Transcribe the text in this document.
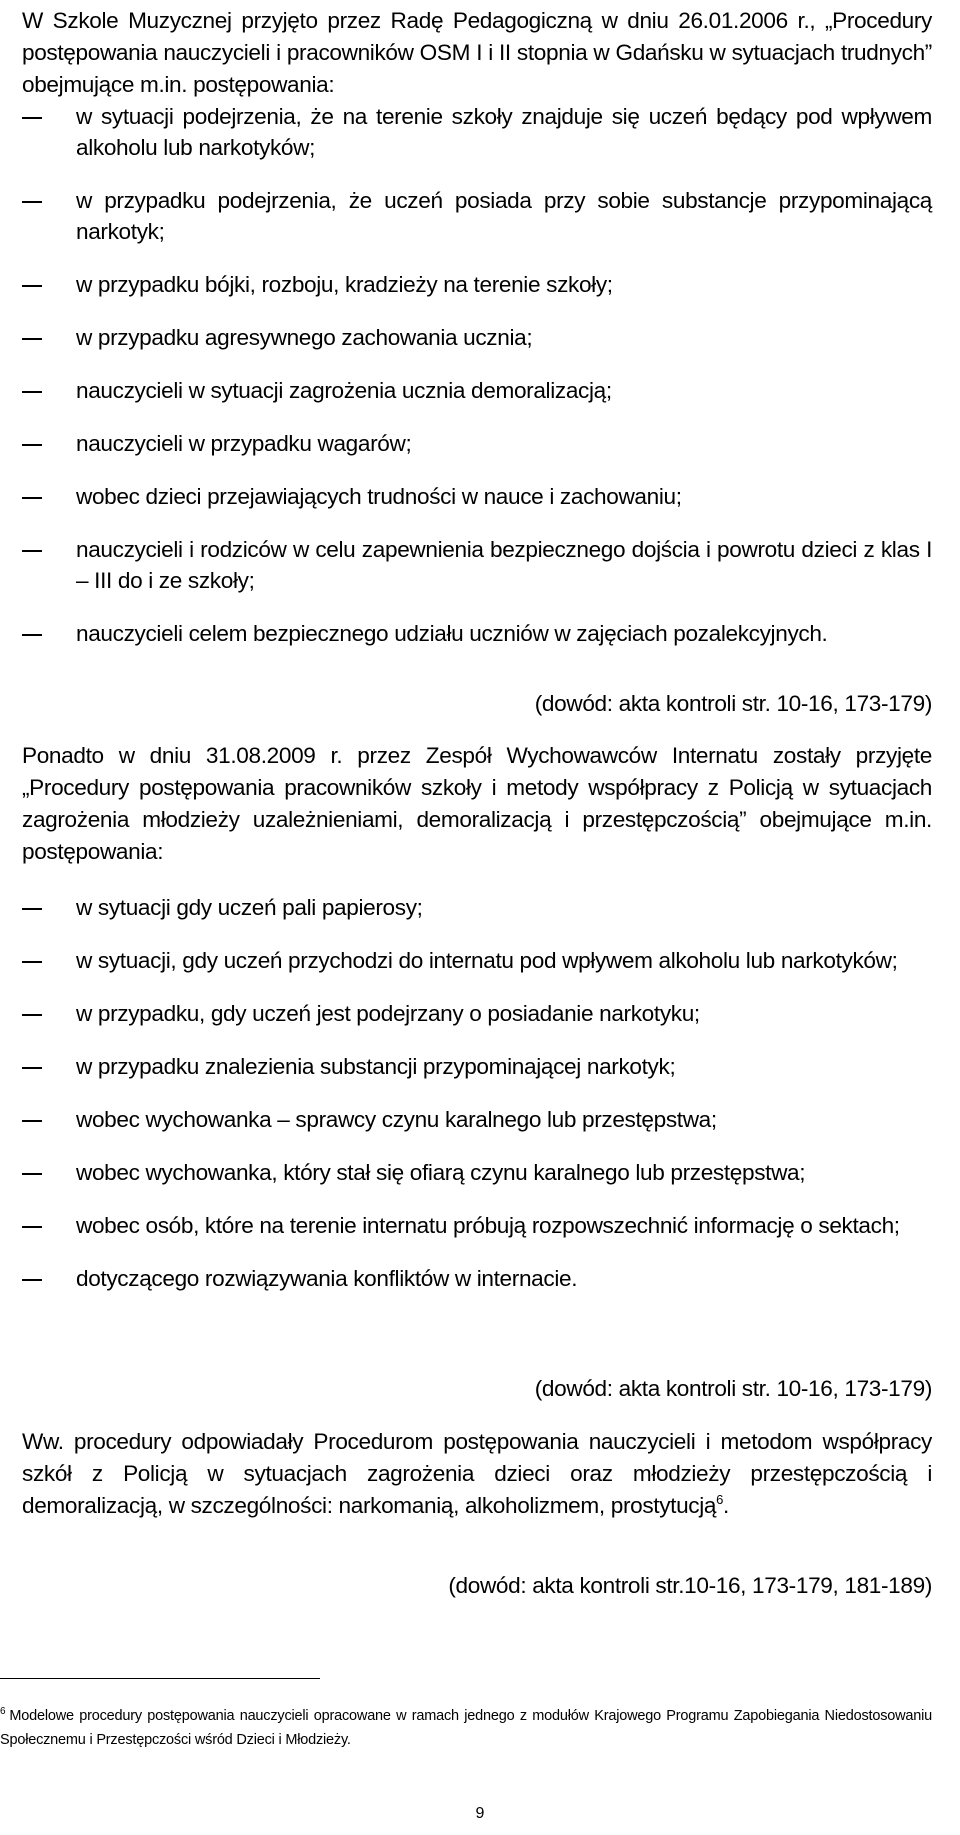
W Szkole Muzycznej przyjęto przez Radę Pedagogiczną w dniu 26.01.2006 r., „Procedury postępowania nauczycieli i pracowników OSM I i II stopnia w Gdańsku w sytuacjach trudnych” obejmujące m.in. postępowania:

w sytuacji podejrzenia, że na terenie szkoły znajduje się uczeń będący pod wpływem alkoholu lub narkotyków;
w przypadku podejrzenia, że uczeń posiada przy sobie substancje przypominającą narkotyk;
w przypadku bójki, rozboju, kradzieży na terenie szkoły;
w przypadku agresywnego zachowania ucznia;
nauczycieli w sytuacji zagrożenia ucznia demoralizacją;
nauczycieli w przypadku wagarów;
wobec dzieci przejawiających trudności w nauce i zachowaniu;
nauczycieli i rodziców w celu zapewnienia bezpiecznego dojścia i powrotu dzieci z klas I – III do i ze szkoły;
nauczycieli celem bezpiecznego udziału uczniów w zajęciach pozalekcyjnych.
(dowód: akta kontroli str. 10-16, 173-179)

Ponadto w dniu 31.08.2009 r. przez Zespół Wychowawców Internatu zostały przyjęte „Procedury postępowania pracowników szkoły i metody współpracy z Policją w sytuacjach zagrożenia młodzieży uzależnieniami, demoralizacją i przestępczością” obejmujące m.in. postępowania:

w sytuacji gdy uczeń pali papierosy;
w sytuacji, gdy uczeń przychodzi do internatu pod wpływem alkoholu lub narkotyków;
w przypadku, gdy uczeń jest podejrzany o posiadanie narkotyku;
w przypadku znalezienia substancji przypominającej narkotyk;
wobec wychowanka – sprawcy czynu karalnego lub przestępstwa;
wobec wychowanka, który stał się ofiarą czynu karalnego lub przestępstwa;
wobec osób, które na terenie internatu próbują rozpowszechnić informację o sektach;
dotyczącego rozwiązywania konfliktów w internacie.
(dowód: akta kontroli str. 10-16, 173-179)

Ww. procedury odpowiadały Procedurom postępowania nauczycieli i metodom współpracy szkół z Policją w sytuacjach zagrożenia dzieci oraz młodzieży przestępczością i demoralizacją, w szczególności: narkomanią, alkoholizmem, prostytucją$^6$.

(dowód: akta kontroli str.10-16, 173-179, 181-189)
$^6$ Modelowe procedury postępowania nauczycieli opracowane w ramach jednego z modułów Krajowego Programu Zapobiegania Niedostosowaniu Społecznemu i Przestępczości wśród Dzieci i Młodzieży.
9
